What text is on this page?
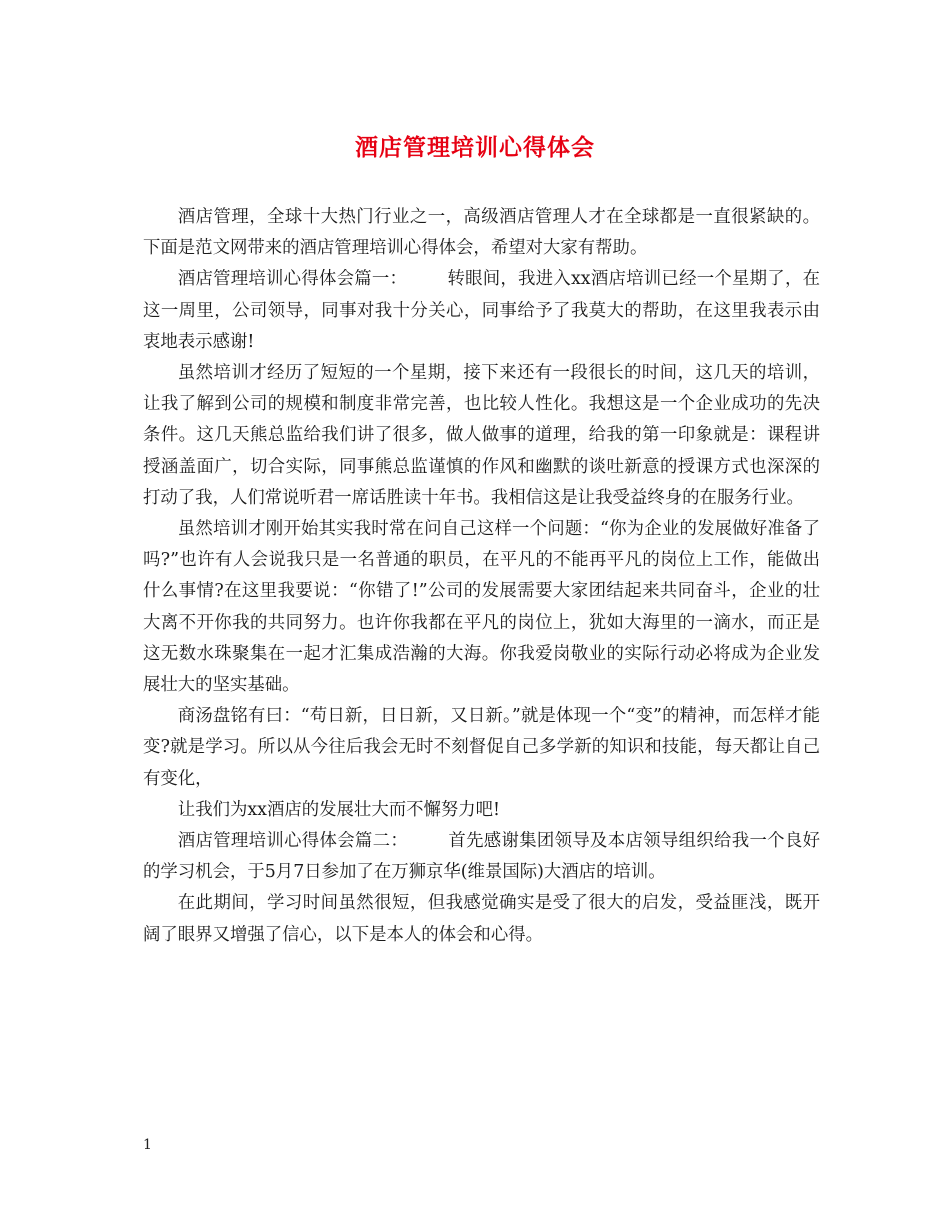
酒店管理培训心得体会

酒店管理，全球十大热门行业之一，高级酒店管理人才在全球都是一直很紧缺的。下面是范文网带来的酒店管理培训心得体会，希望对大家有帮助。

酒店管理培训心得体会篇一： 转眼间，我进入xx酒店培训已经一个星期了，在这一周里，公司领导，同事对我十分关心，同事给予了我莫大的帮助，在这里我表示由衷地表示感谢!

虽然培训才经历了短短的一个星期，接下来还有一段很长的时间，这几天的培训，让我了解到公司的规模和制度非常完善，也比较人性化。我想这是一个企业成功的先决条件。这几天熊总监给我们讲了很多，做人做事的道理，给我的第一印象就是：课程讲授涵盖面广，切合实际，同事熊总监谨慎的作风和幽默的谈吐新意的授课方式也深深的打动了我，人们常说听君一席话胜读十年书。我相信这是让我受益终身的在服务行业。

虽然培训才刚开始其实我时常在问自己这样一个问题：“你为企业的发展做好准备了吗?”也许有人会说我只是一名普通的职员，在平凡的不能再平凡的岗位上工作，能做出什么事情?在这里我要说：“你错了!”公司的发展需要大家团结起来共同奋斗，企业的壮大离不开你我的共同努力。也许你我都在平凡的岗位上，犹如大海里的一滴水，而正是这无数水珠聚集在一起才汇集成浩瀚的大海。你我爱岗敬业的实际行动必将成为企业发展壮大的坚实基础。

商汤盘铭有曰：“苟日新，日日新，又日新。”就是体现一个“变”的精神，而怎样才能变?就是学习。所以从今往后我会无时不刻督促自己多学新的知识和技能，每天都让自己有变化，

让我们为xx酒店的发展壮大而不懈努力吧!

酒店管理培训心得体会篇二： 首先感谢集团领导及本店领导组织给我一个良好的学习机会，于5月7日参加了在万狮京华(维景国际)大酒店的培训。

在此期间，学习时间虽然很短，但我感觉确实是受了很大的启发，受益匪浅，既开阔了眼界又增强了信心，以下是本人的体会和心得。

1
